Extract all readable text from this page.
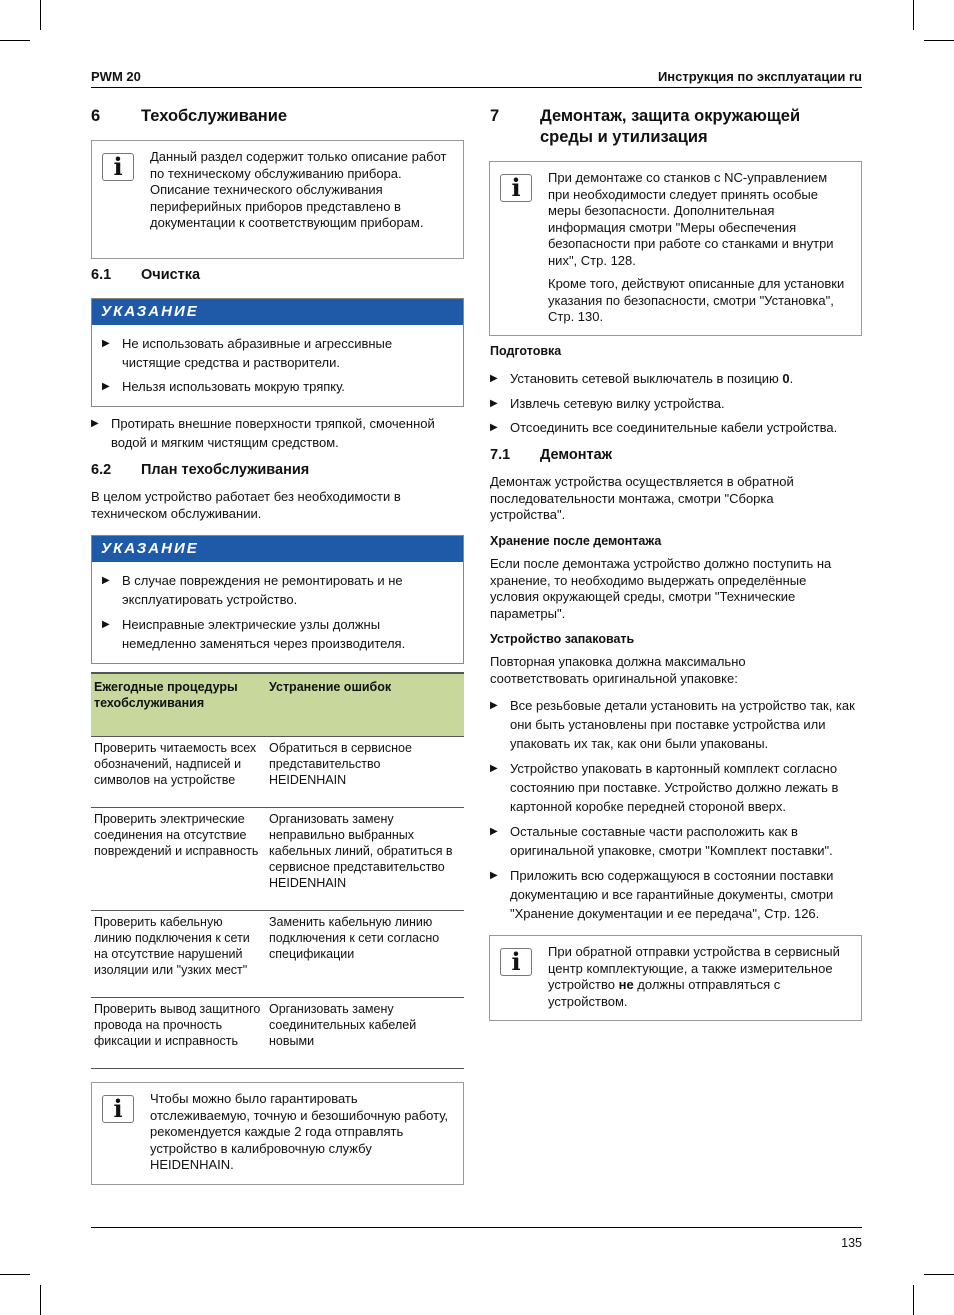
PWM 20	Инструкция по эксплуатации ru
6 Техобслуживание
i Данный раздел содержит только описание работ по техническому обслуживанию прибора. Описание технического обслуживания периферийных приборов представлено в документации к соответствующим приборам.
6.1 Очистка
УКАЗАНИЕ
▶ Не использовать абразивные и агрессивные чистящие средства и растворители.
▶ Нельзя использовать мокрую тряпку.
▶ Протирать внешние поверхности тряпкой, смоченной водой и мягким чистящим средством.
6.2 План техобслуживания
В целом устройство работает без необходимости в техническом обслуживании.
УКАЗАНИЕ
▶ В случае повреждения не ремонтировать и не эксплуатировать устройство.
▶ Неисправные электрические узлы должны немедленно заменяться через производителя.
Ежегодные процедуры техобслуживания	Устранение ошибок
Проверить читаемость всех обозначений, надписей и символов на устройстве	Обратиться в сервисное представительство HEIDENHAIN
Проверить электрические соединения на отсутствие повреждений и исправность	Организовать замену неправильно выбранных кабельных линий, обратиться в сервисное представительство HEIDENHAIN
Проверить кабельную линию подключения к сети на отсутствие нарушений изоляции или "узких мест"	Заменить кабельную линию подключения к сети согласно спецификации
Проверить вывод защитного провода на прочность фиксации и исправность	Организовать замену соединительных кабелей новыми
i Чтобы можно было гарантировать отслеживаемую, точную и безошибочную работу, рекомендуется каждые 2 года отправлять устройство в калибровочную службу HEIDENHAIN.
7 Демонтаж, защита окружающей
среды и утилизация
i При демонтаже со станков с NC-управлением при необходимости следует принять особые меры безопасности. Дополнительная информация смотри "Меры обеспечения безопасности при работе со станками и внутри них", Стр. 128.
Кроме того, действуют описанные для установки указания по безопасности, смотри "Установка", Стр. 130.
Подготовка
▶ Установить сетевой выключатель в позицию 0.
▶ Извлечь сетевую вилку устройства.
▶ Отсоединить все соединительные кабели устройства.
7.1 Демонтаж
Демонтаж устройства осуществляется в обратной последовательности монтажа, смотри "Сборка устройства".
Хранение после демонтажа
Если после демонтажа устройство должно поступить на хранение, то необходимо выдержать определённые условия окружающей среды, смотри "Технические параметры".
Устройство запаковать
Повторная упаковка должна максимально соответствовать оригинальной упаковке:
▶ Все резьбовые детали установить на устройство так, как они быть установлены при поставке устройства или упаковать их так, как они были упакованы.
▶ Устройство упаковать в картонный комплект согласно состоянию при поставке. Устройство должно лежать в картонной коробке передней стороной вверх.
▶ Остальные составные части расположить как в оригинальной упаковке, смотри "Комплект поставки".
▶ Приложить всю содержащуюся в состоянии поставки документацию и все гарантийные документы, смотри "Хранение документации и ее передача", Стр. 126.
i При обратной отправки устройства в сервисный центр комплектующие, а также измерительное устройство не должны отправляться с устройством.
135
